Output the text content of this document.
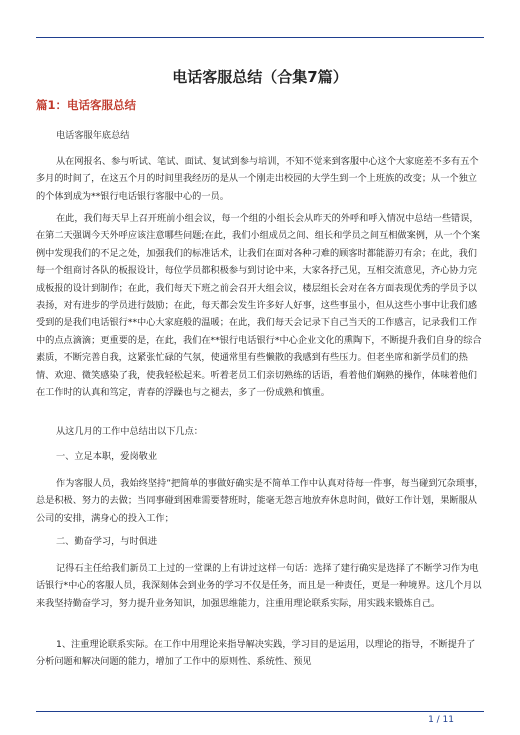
电话客服总结（合集7篇）
篇1：电话客服总结
电话客服年底总结

从在网报名、参与听试、笔试、面试、复试到参与培训，不知不觉来到客服中心这个大家庭差不多有五个多月的时间了，在这五个月的时间里我经历的是从一个刚走出校园的大学生到一个上班族的改变；从一个独立的个体到成为**银行电话银行客服中心的一员。

在此，我们每天早上召开班前小组会议，每一个组的小组长会从昨天的外呼和呼入情况中总结一些错误，在第二天强调今天外呼应该注意哪些问题;在此，我们小组成员之间、组长和学员之间互相做案例，从一个个案例中发现我们的不足之处，加强我们的标准话术，让我们在面对各种刁难的顾客时都能游刃有余；在此，我们每一个组商讨各队的板报设计，每位学员都积极参与到讨论中来，大家各抒己见，互相交流意见，齐心协力完成板报的设计到制作；在此，我们每天下班之前会召开大组会议，楼层组长会对在各方面表现优秀的学员予以表扬，对有进步的学员进行鼓励；在此，每天都会发生许多好人好事，这些事虽小，但从这些小事中让我们感受到的是我们电话银行**中心大家庭般的温暖；在此，我们每天会记录下自己当天的工作感言，记录我们工作中的点点滴滴；更重要的是，在此，我们在**银行电话银行*中心企业文化的熏陶下，不断提升我们自身的综合素质，不断完善自我，这紧张忙碌的气氛，使通常里有些懒散的我感到有些压力。但老坐席和新学员们的热情、欢迎、微笑感染了我，使我轻松起来。听着老员工们亲切熟练的话语，看着他们娴熟的操作，体味着他们在工作时的认真和笃定，青春的浮躁也与之褪去，多了一份成熟和慎重。

从这几月的工作中总结出以下几点：

一、立足本职，爱岗敬业

作为客服人员，我始终坚持”把简单的事做好确实是不简单工作中认真对待每一件事，每当碰到冗杂琐事，总是积极、努力的去做；当同事碰到困难需要替班时，能毫无怨言地放弃休息时间，做好工作计划，果断服从公司的安排，满身心的投入工作；

二、勤奋学习，与时俱进

记得石主任给我们新员工上过的一堂课的上有讲过这样一句话：选择了建行确实是选择了不断学习作为电话银行*中心的客服人员，我深刻体会到业务的学习不仅是任务，而且是一种责任，更是一种境界。这几个月以来我坚持勤奋学习，努力提升业务知识，加强思维能力，注重用理论联系实际，用实践来锻炼自己。

1、注重理论联系实际。在工作中用理论来指导解决实践，学习目的是运用，以理论的指导，不断提升了分析问题和解决问题的能力，增加了工作中的原则性、系统性、预见

1 / 11
